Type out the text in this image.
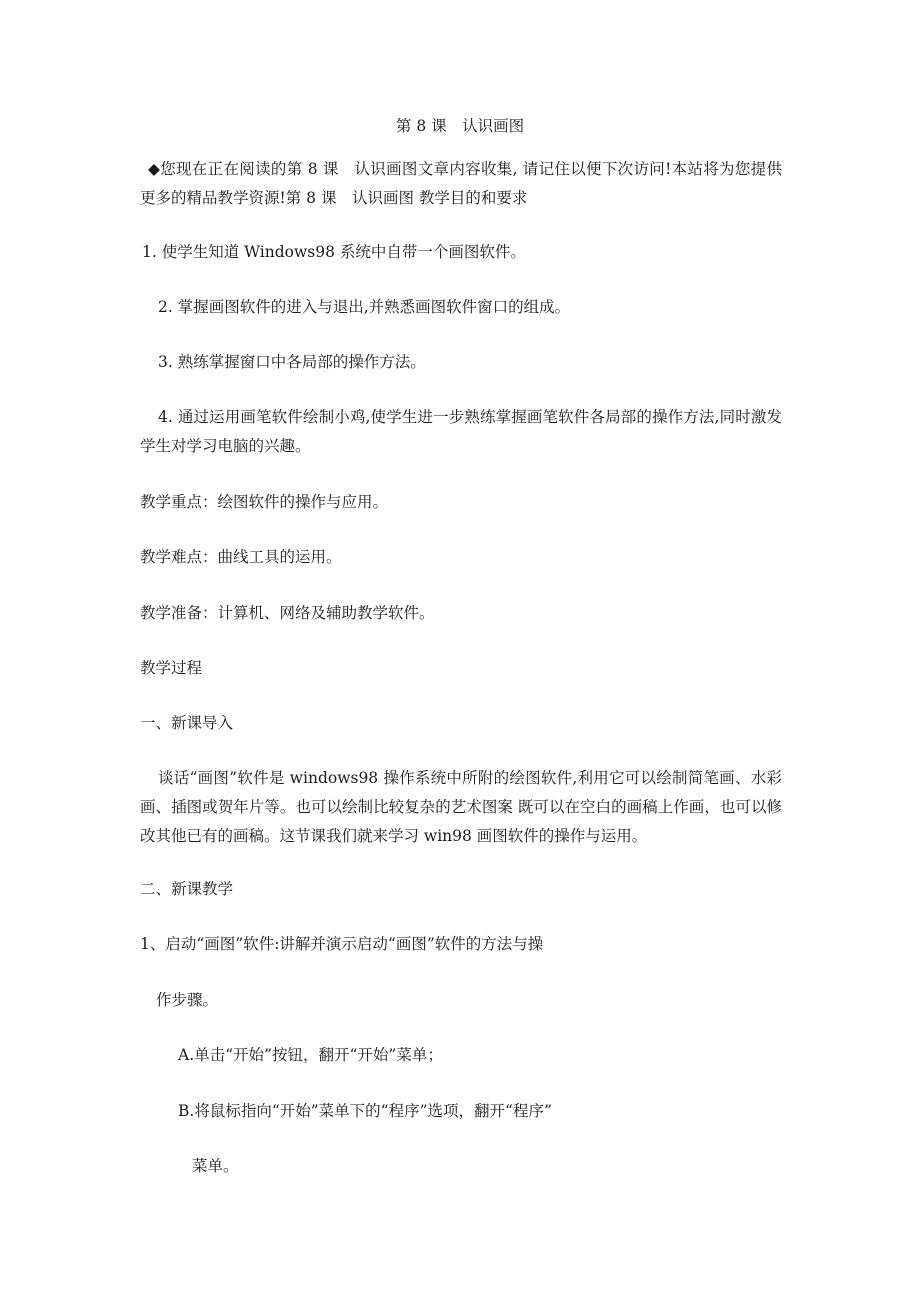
第 8 课　认识画图
◆您现在正在阅读的第 8 课　认识画图文章内容收集, 请记住以便下次访问!本站将为您提供更多的精品教学资源!第 8 课　认识画图 教学目的和要求
1. 使学生知道 Windows98 系统中自带一个画图软件。
2. 掌握画图软件的进入与退出,并熟悉画图软件窗口的组成。
3. 熟练掌握窗口中各局部的操作方法。
4. 通过运用画笔软件绘制小鸡,使学生进一步熟练掌握画笔软件各局部的操作方法,同时激发学生对学习电脑的兴趣。
教学重点：绘图软件的操作与应用。
教学难点：曲线工具的运用。
教学准备：计算机、网络及辅助教学软件。
教学过程
一、新课导入
谈话“画图”软件是 windows98 操作系统中所附的绘图软件,利用它可以绘制简笔画、水彩画、插图或贺年片等。也可以绘制比较复杂的艺术图案 既可以在空白的画稿上作画，也可以修改其他已有的画稿。这节课我们就来学习 win98 画图软件的操作与运用。
二、新课教学
1、启动“画图”软件:讲解并演示启动“画图”软件的方法与操
作步骤。
A.单击“开始”按钮，翻开“开始”菜单；
B.将鼠标指向“开始”菜单下的“程序”选项，翻开“程序”
菜单。
